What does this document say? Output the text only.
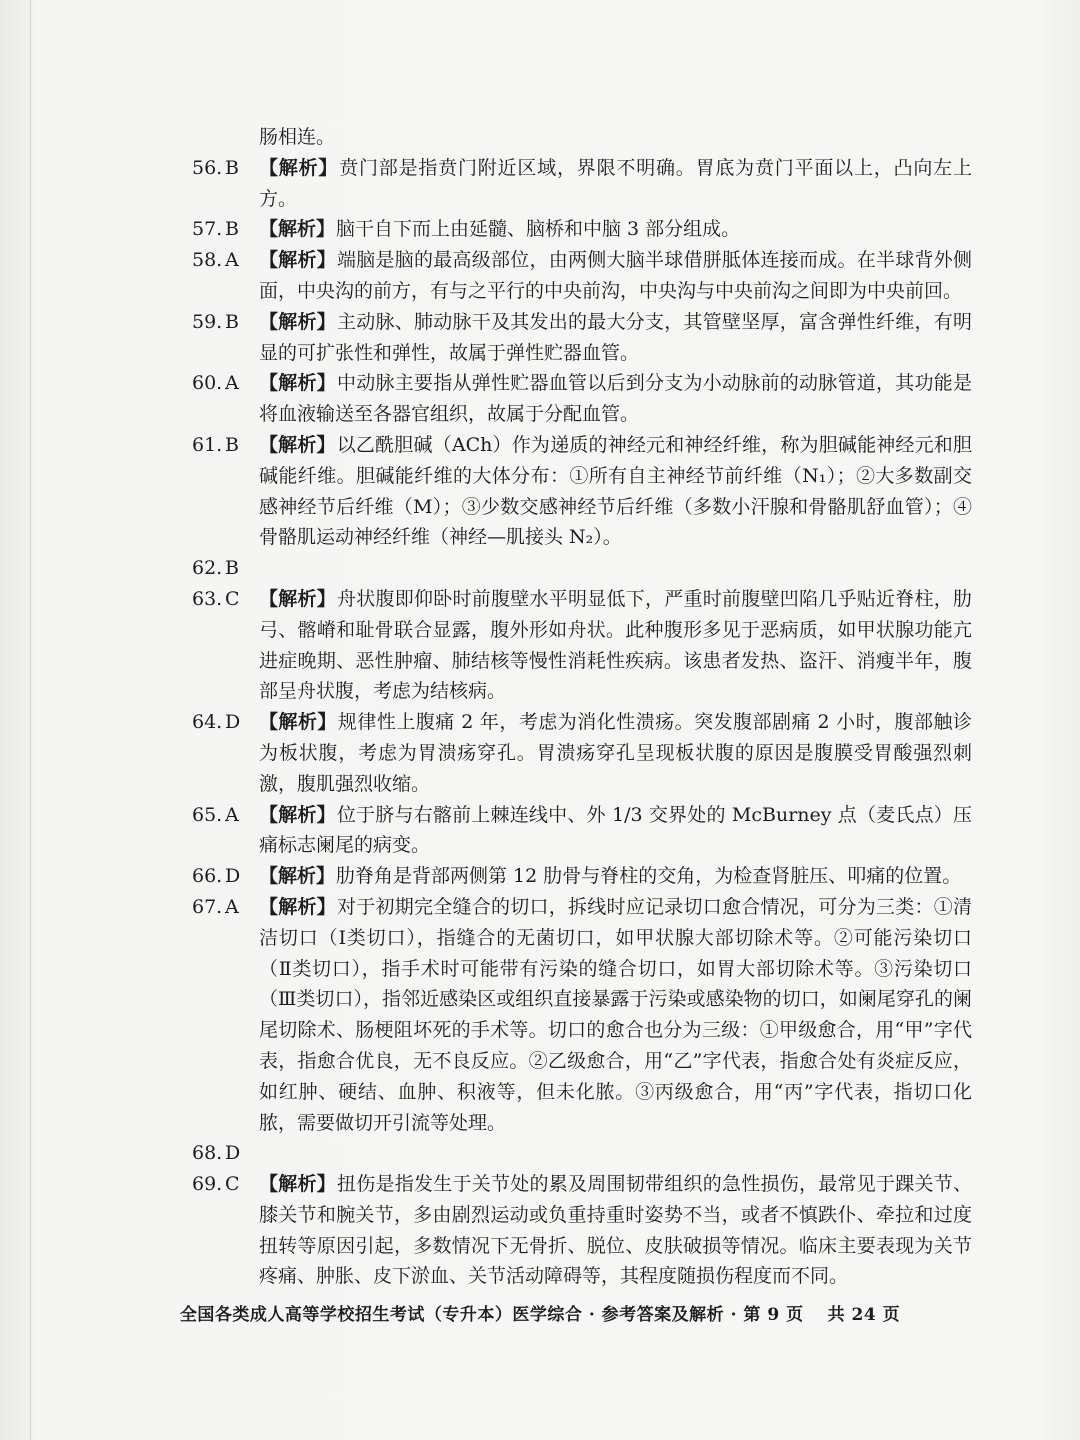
肠相连。
56. B	【解析】贲门部是指贲门附近区域，界限不明确。胃底为贲门平面以上，凸向左上方。
57. B	【解析】脑干自下而上由延髓、脑桥和中脑 3 部分组成。
58. A	【解析】端脑是脑的最高级部位，由两侧大脑半球借胼胝体连接而成。在半球背外侧面，中央沟的前方，有与之平行的中央前沟，中央沟与中央前沟之间即为中央前回。
59. B	【解析】主动脉、肺动脉干及其发出的最大分支，其管壁坚厚，富含弹性纤维，有明显的可扩张性和弹性，故属于弹性贮器血管。
60. A	【解析】中动脉主要指从弹性贮器血管以后到分支为小动脉前的动脉管道，其功能是将血液输送至各器官组织，故属于分配血管。
61. B	【解析】以乙酰胆碱（ACh）作为递质的神经元和神经纤维，称为胆碱能神经元和胆碱能纤维。胆碱能纤维的大体分布：①所有自主神经节前纤维（N₁）；②大多数副交感神经节后纤维（M）；③少数交感神经节后纤维（多数小汗腺和骨骼肌舒血管）；④骨骼肌运动神经纤维（神经—肌接头 N₂）。
62. B
63. C	【解析】舟状腹即仰卧时前腹壁水平明显低下，严重时前腹壁凹陷几乎贴近脊柱，肋弓、髂嵴和耻骨联合显露，腹外形如舟状。此种腹形多见于恶病质，如甲状腺功能亢进症晚期、恶性肿瘤、肺结核等慢性消耗性疾病。该患者发热、盗汗、消瘦半年，腹部呈舟状腹，考虑为结核病。
64. D 【解析】规律性上腹痛 2 年，考虑为消化性溃疡。突发腹部剧痛 2 小时，腹部触诊为板状腹，考虑为胃溃疡穿孔。胃溃疡穿孔呈现板状腹的原因是腹膜受胃酸强烈刺激，腹肌强烈收缩。
65. A	【解析】位于脐与右髂前上棘连线中、外 1/3 交界处的 McBurney 点（麦氏点）压痛标志阑尾的病变。
66. D 【解析】肋脊角是背部两侧第 12 肋骨与脊柱的交角，为检查肾脏压、叩痛的位置。
67. A	【解析】对于初期完全缝合的切口，拆线时应记录切口愈合情况，可分为三类：①清洁切口（Ⅰ类切口），指缝合的无菌切口，如甲状腺大部切除术等。②可能污染切口（Ⅱ类切口），指手术时可能带有污染的缝合切口，如胃大部切除术等。③污染切口（Ⅲ类切口），指邻近感染区或组织直接暴露于污染或感染物的切口，如阑尾穿孔的阑尾切除术、肠梗阻坏死的手术等。切口的愈合也分为三级：①甲级愈合，用“甲”字代表，指愈合优良，无不良反应。②乙级愈合，用“乙”字代表，指愈合处有炎症反应，如红肿、硬结、血肿、积液等，但未化脓。③丙级愈合，用“丙”字代表，指切口化脓，需要做切开引流等处理。
68. D
69. C	【解析】扭伤是指发生于关节处的累及周围韧带组织的急性损伤，最常见于踝关节、膝关节和腕关节，多由剧烈运动或负重持重时姿势不当，或者不慎跌仆、牵拉和过度扭转等原因引起，多数情况下无骨折、脱位、皮肤破损等情况。临床主要表现为关节疼痛、肿胀、皮下淤血、关节活动障碍等，其程度随损伤程度而不同。
全国各类成人高等学校招生考试（专升本）医学综合 · 参考答案及解析 · 第 9 页 共 24 页
